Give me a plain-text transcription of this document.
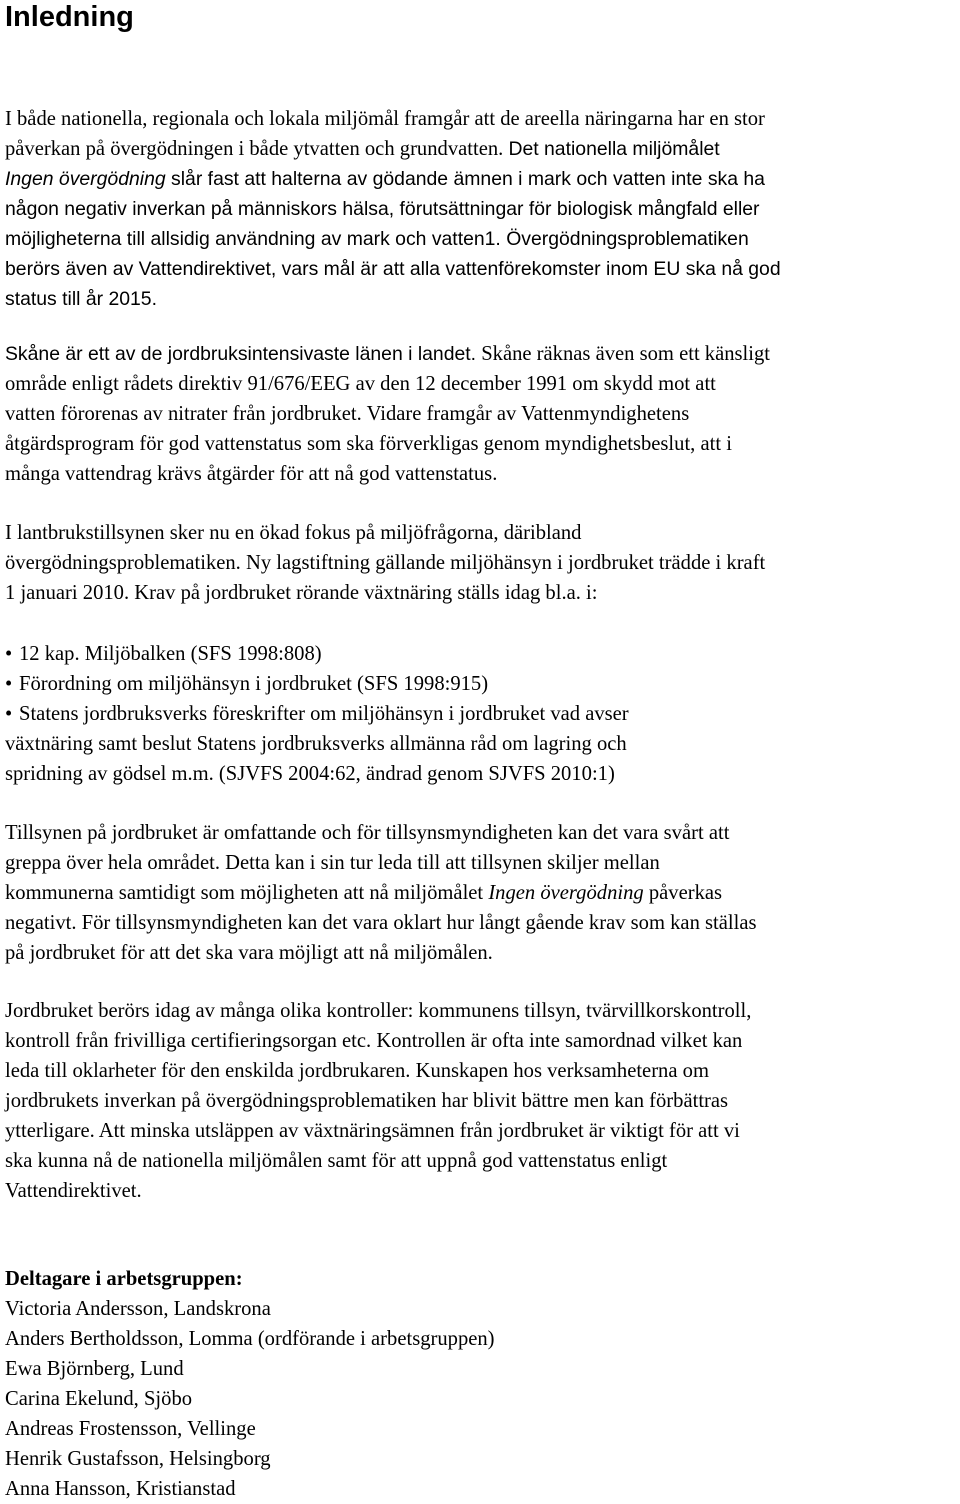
Inledning
I både nationella, regionala och lokala miljömål framgår att de areella näringarna har en stor
påverkan på övergödningen i både ytvatten och grundvatten. Det nationella miljömålet
Ingen övergödning slår fast att halterna av gödande ämnen i mark och vatten inte ska ha
någon negativ inverkan på människors hälsa, förutsättningar för biologisk mångfald eller
möjligheterna till allsidig användning av mark och vatten1. Övergödningsproblematiken
berörs även av Vattendirektivet, vars mål är att alla vattenförekomster inom EU ska nå god
status till år 2015.
Skåne är ett av de jordbruksintensivaste länen i landet. Skåne räknas även som ett känsligt
område enligt rådets direktiv 91/676/EEG av den 12 december 1991 om skydd mot att
vatten förorenas av nitrater från jordbruket. Vidare framgår av Vattenmyndighetens
åtgärdsprogram för god vattenstatus som ska förverkligas genom myndighetsbeslut, att i
många vattendrag krävs åtgärder för att nå god vattenstatus.
I lantbrukstillsynen sker nu en ökad fokus på miljöfrågorna, däribland
övergödningsproblematiken. Ny lagstiftning gällande miljöhänsyn i jordbruket trädde i kraft
1 januari 2010. Krav på jordbruket rörande växtnäring ställs idag bl.a. i:
• 12 kap. Miljöbalken (SFS 1998:808)
• Förordning om miljöhänsyn i jordbruket (SFS 1998:915)
• Statens jordbruksverks föreskrifter om miljöhänsyn i jordbruket vad avser
växtnäring samt beslut Statens jordbruksverks allmänna råd om lagring och
spridning av gödsel m.m. (SJVFS 2004:62, ändrad genom SJVFS 2010:1)
Tillsynen på jordbruket är omfattande och för tillsynsmyndigheten kan det vara svårt att
greppa över hela området. Detta kan i sin tur leda till att tillsynen skiljer mellan
kommunerna samtidigt som möjligheten att nå miljömålet Ingen övergödning påverkas
negativt. För tillsynsmyndigheten kan det vara oklart hur långt gående krav som kan ställas
på jordbruket för att det ska vara möjligt att nå miljömålen.
Jordbruket berörs idag av många olika kontroller: kommunens tillsyn, tvärvillkorskontroll,
kontroll från frivilliga certifieringsorgan etc. Kontrollen är ofta inte samordnad vilket kan
leda till oklarheter för den enskilda jordbrukaren. Kunskapen hos verksamheterna om
jordbrukets inverkan på övergödningsproblematiken har blivit bättre men kan förbättras
ytterligare. Att minska utsläppen av växtnäringsämnen från jordbruket är viktigt för att vi
ska kunna nå de nationella miljömålen samt för att uppnå god vattenstatus enligt
Vattendirektivet.
Deltagare i arbetsgruppen:
Victoria Andersson, Landskrona
Anders Bertholdsson, Lomma (ordförande i arbetsgruppen)
Ewa Björnberg, Lund
Carina Ekelund, Sjöbo
Andreas Frostensson, Vellinge
Henrik Gustafsson, Helsingborg
Anna Hansson, Kristianstad
